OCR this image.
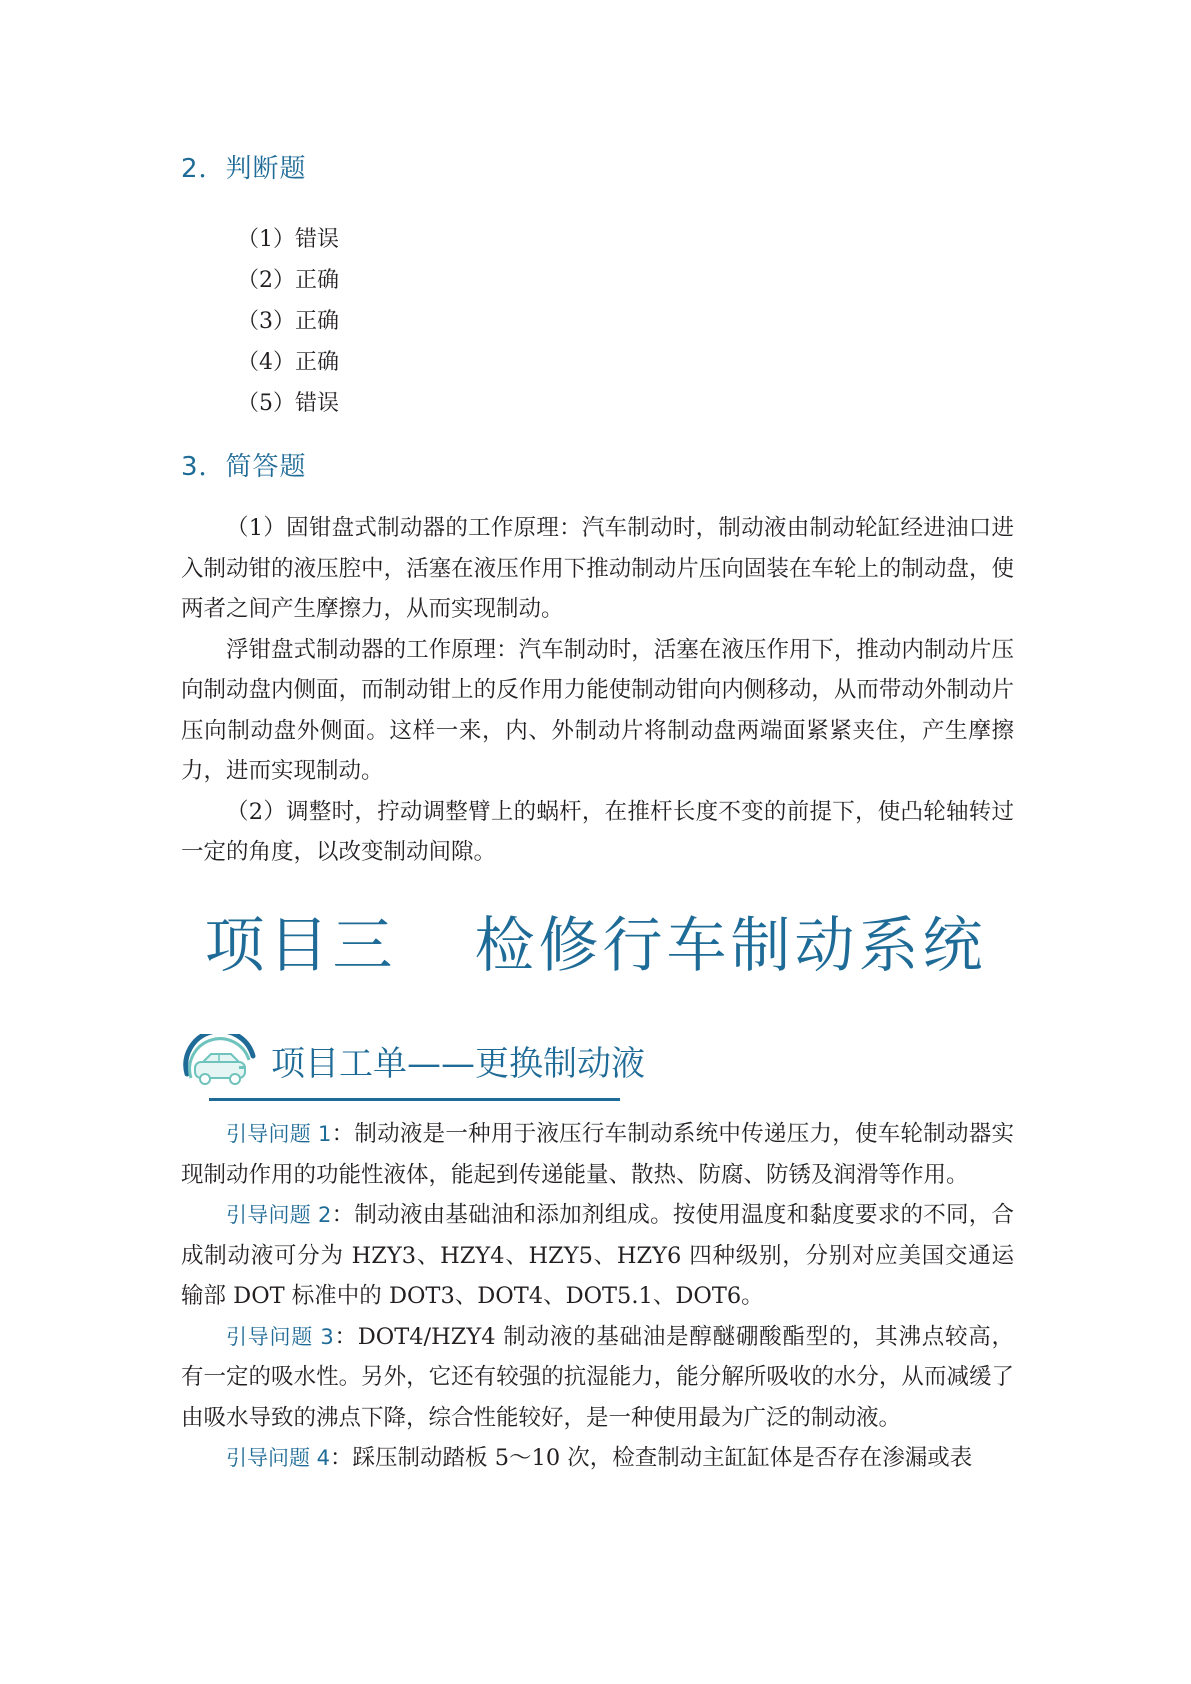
2．判断题
（1）错误
（2）正确
（3）正确
（4）正确
（5）错误
3．简答题

（1）固钳盘式制动器的工作原理：汽车制动时，制动液由制动轮缸经进油口进入制动钳的液压腔中，活塞在液压作用下推动制动片压向固装在车轮上的制动盘，使两者之间产生摩擦力，从而实现制动。

浮钳盘式制动器的工作原理：汽车制动时，活塞在液压作用下，推动内制动片压向制动盘内侧面，而制动钳上的反作用力能使制动钳向内侧移动，从而带动外制动片压向制动盘外侧面。这样一来，内、外制动片将制动盘两端面紧紧夹住，产生摩擦力，进而实现制动。

（2）调整时，拧动调整臂上的蜗杆，在推杆长度不变的前提下，使凸轮轴转过一定的角度，以改变制动间隙。

项目三 检修行车制动系统
项目工单——更换制动液

引导问题 1：制动液是一种用于液压行车制动系统中传递压力，使车轮制动器实现制动作用的功能性液体，能起到传递能量、散热、防腐、防锈及润滑等作用。

引导问题 2：制动液由基础油和添加剂组成。按使用温度和黏度要求的不同，合成制动液可分为 HZY3、HZY4、HZY5、HZY6 四种级别，分别对应美国交通运输部 DOT 标准中的 DOT3、DOT4、DOT5.1、DOT6。

引导问题 3：DOT4/HZY4 制动液的基础油是醇醚硼酸酯型的，其沸点较高，有一定的吸水性。另外，它还有较强的抗湿能力，能分解所吸收的水分，从而减缓了由吸水导致的沸点下降，综合性能较好，是一种使用最为广泛的制动液。

引导问题 4：踩压制动踏板 5～10 次，检查制动主缸缸体是否存在渗漏或表
